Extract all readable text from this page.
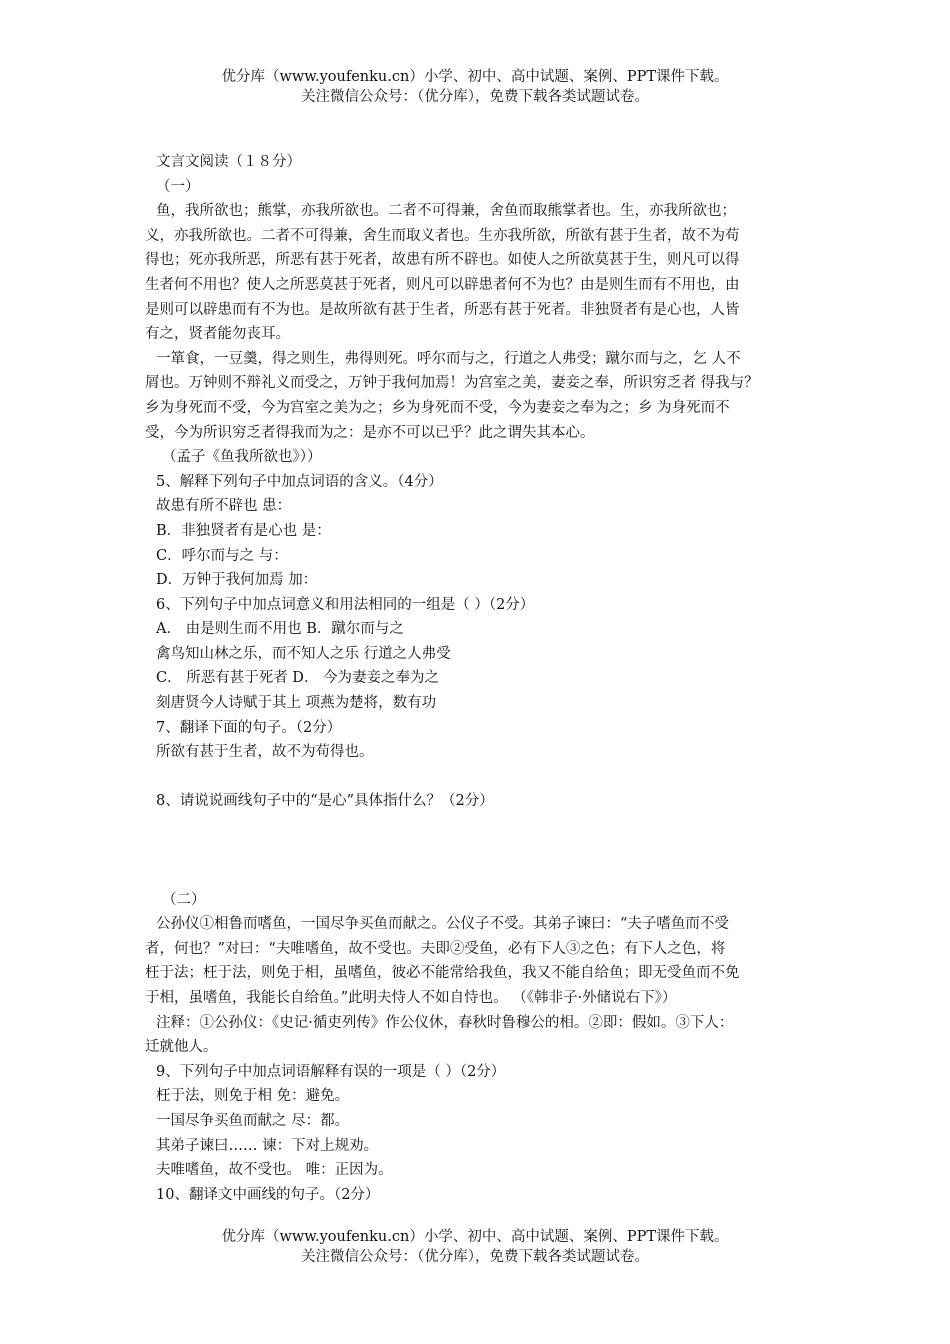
优分库（www.youfenku.cn）小学、初中、高中试题、案例、PPT课件下载。
关注微信公众号：（优分库），免费下载各类试题试卷。
文言文阅读（１８分）
（一）
鱼，我所欲也；熊掌，亦我所欲也。二者不可得兼，舍鱼而取熊掌者也。生，亦我所欲也；
义，亦我所欲也。二者不可得兼，舍生而取义者也。生亦我所欲，所欲有甚于生者，故不为苟
得也；死亦我所恶，所恶有甚于死者，故患有所不辟也。如使人之所欲莫甚于生，则凡可以得
生者何不用也？使人之所恶莫甚于死者，则凡可以辟患者何不为也？由是则生而有不用也，由
是则可以辟患而有不为也。是故所欲有甚于生者，所恶有甚于死者。非独贤者有是心也，人皆
有之，贤者能勿丧耳。
一箪食，一豆羹，得之则生，弗得则死。呼尔而与之，行道之人弗受；蹴尔而与之，乞 人不
屑也。万钟则不辩礼义而受之，万钟于我何加焉！为宫室之美，妻妾之奉，所识穷乏者 得我与？
乡为身死而不受，今为宫室之美为之；乡为身死而不受，今为妻妾之奉为之；乡 为身死而不
受，今为所识穷乏者得我而为之：是亦不可以已乎？此之谓失其本心。
（孟子《鱼我所欲也》））
5、解释下列句子中加点词语的含义。（4分）
故患有所不辟也 患：
B．非独贤者有是心也 是：
C．呼尔而与之 与：
D．万钟于我何加焉 加：
6、下列句子中加点词意义和用法相同的一组是（ ）（2分）
A． 由是则生而不用也 B．蹴尔而与之
禽鸟知山林之乐，而不知人之乐 行道之人弗受
C． 所恶有甚于死者 D． 今为妻妾之奉为之
刻唐贤今人诗赋于其上 项燕为楚将，数有功
7、翻译下面的句子。（2分）
所欲有甚于生者，故不为苟得也。
8、请说说画线句子中的“是心”具体指什么？（2分）
（二）
公孙仪①相鲁而嗜鱼，一国尽争买鱼而献之。公仪子不受。其弟子谏曰：“夫子嗜鱼而不受
者，何也？”对曰：“夫唯嗜鱼，故不受也。夫即②受鱼，必有下人③之色；有下人之色，将
枉于法；枉于法，则免于相，虽嗜鱼，彼必不能常给我鱼，我又不能自给鱼；即无受鱼而不免
于相，虽嗜鱼，我能长自给鱼。”此明夫恃人不如自恃也。 （《韩非子·外储说右下》）
注释：①公孙仪：《史记·循吏列传》作公仪休，春秋时鲁穆公的相。②即：假如。③下人：
迁就他人。
9、下列句子中加点词语解释有误的一项是（ ）（2分）
枉于法，则免于相 免：避免。
一国尽争买鱼而献之 尽：都。
其弟子谏曰…… 谏：下对上规劝。
夫唯嗜鱼，故不受也。 唯：正因为。
10、翻译文中画线的句子。（2分）
优分库（www.youfenku.cn）小学、初中、高中试题、案例、PPT课件下载。
关注微信公众号：（优分库），免费下载各类试题试卷。
